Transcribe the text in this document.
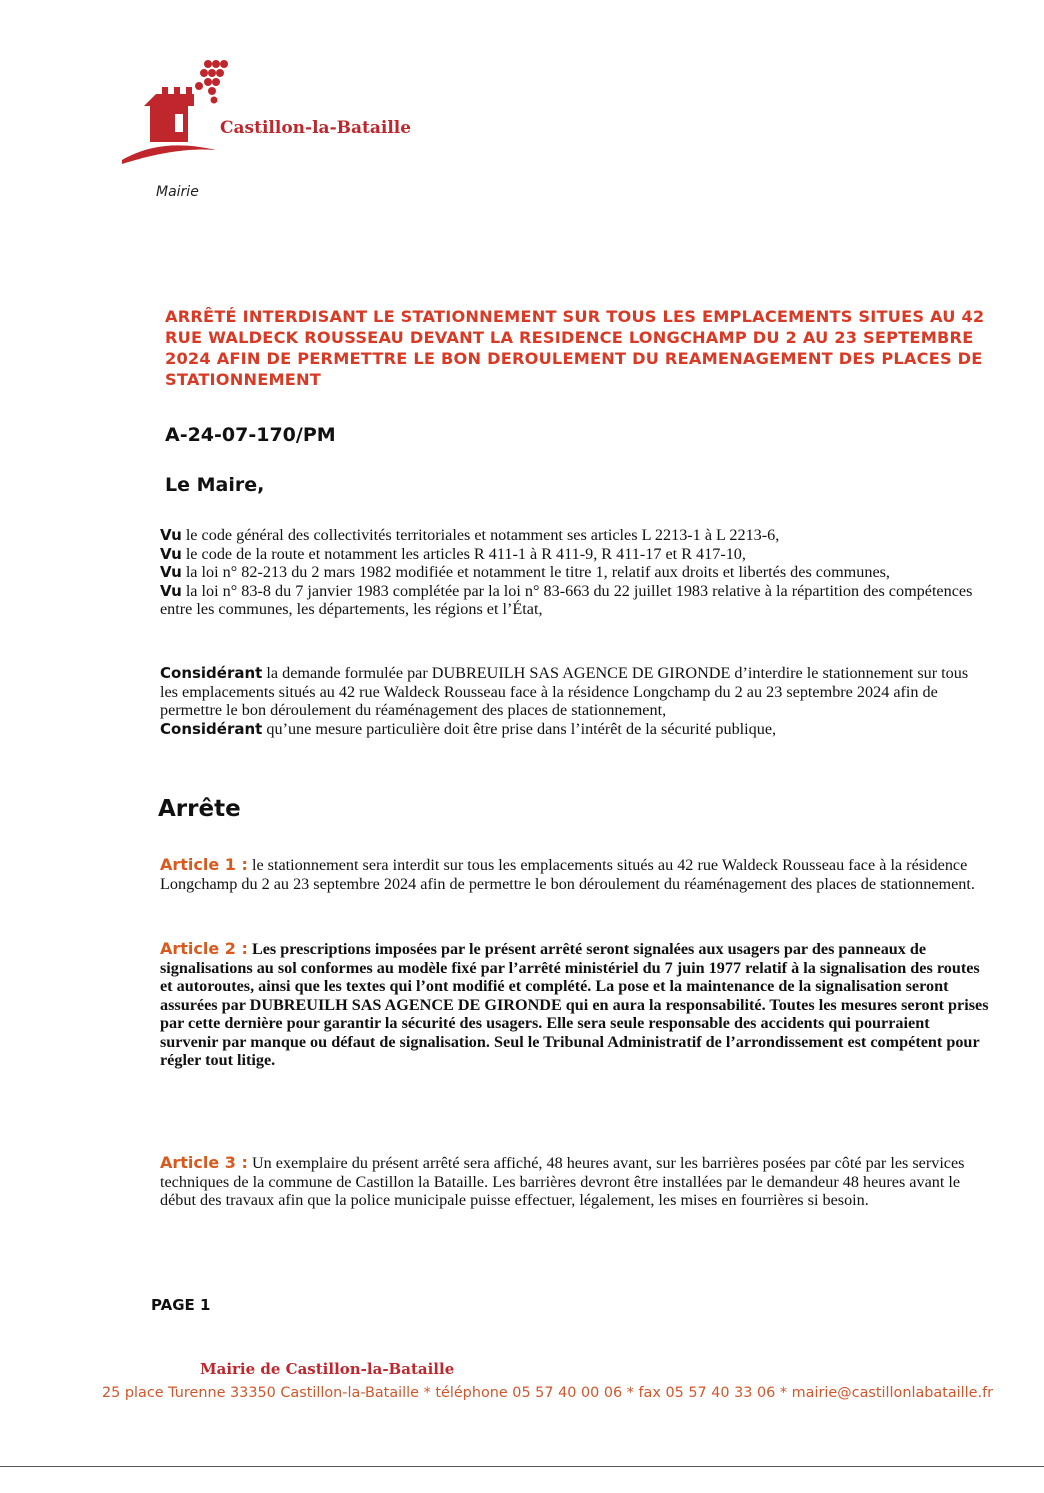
Castillon-la-Bataille
Mairie
ARRÊTÉ INTERDISANT LE STATIONNEMENT SUR TOUS LES EMPLACEMENTS SITUES AU 42 RUE WALDECK ROUSSEAU DEVANT LA RESIDENCE LONGCHAMP DU 2 AU 23 SEPTEMBRE 2024 AFIN DE PERMETTRE LE BON DEROULEMENT DU REAMENAGEMENT DES PLACES DE STATIONNEMENT
A-24-07-170/PM
Le Maire,

Vu le code général des collectivités territoriales et notamment ses articles L 2213-1 à L 2213-6,

Vu le code de la route et notamment les articles R 411-1 à R 411-9, R 411-17 et R 417-10,

Vu la loi n° 82-213 du 2 mars 1982 modifiée et notamment le titre 1, relatif aux droits et libertés des communes,

Vu la loi n° 83-8 du 7 janvier 1983 complétée par la loi n° 83-663 du 22 juillet 1983 relative à la répartition des compétences entre les communes, les départements, les régions et l’État,

Considérant la demande formulée par DUBREUILH SAS AGENCE DE GIRONDE d’interdire le stationnement sur tous les emplacements situés au 42 rue Waldeck Rousseau face à la résidence Longchamp du 2 au 23 septembre 2024 afin de permettre le bon déroulement du réaménagement des places de stationnement,

Considérant qu’une mesure particulière doit être prise dans l’intérêt de la sécurité publique,

Arrête

Article 1 : le stationnement sera interdit sur tous les emplacements situés au 42 rue Waldeck Rousseau face à la résidence Longchamp du 2 au 23 septembre 2024 afin de permettre le bon déroulement du réaménagement des places de stationnement.

Article 2 : Les prescriptions imposées par le présent arrêté seront signalées aux usagers par des panneaux de signalisations au sol conformes au modèle fixé par l’arrêté ministériel du 7 juin 1977 relatif à la signalisation des routes et autoroutes, ainsi que les textes qui l’ont modifié et complété. La pose et la maintenance de la signalisation seront assurées par DUBREUILH SAS AGENCE DE GIRONDE qui en aura la responsabilité. Toutes les mesures seront prises par cette dernière pour garantir la sécurité des usagers. Elle sera seule responsable des accidents qui pourraient survenir par manque ou défaut de signalisation. Seul le Tribunal Administratif de l’arrondissement est compétent pour régler tout litige.

Article 3 : Un exemplaire du présent arrêté sera affiché, 48 heures avant, sur les barrières posées par côté par les services techniques de la commune de Castillon la Bataille. Les barrières devront être installées par le demandeur 48 heures avant le début des travaux afin que la police municipale puisse effectuer, légalement, les mises en fourrières si besoin.

PAGE 1
Mairie de Castillon-la-Bataille
25 place Turenne 33350 Castillon-la-Bataille * téléphone 05 57 40 00 06 * fax 05 57 40 33 06 * mairie@castillonlabataille.fr
